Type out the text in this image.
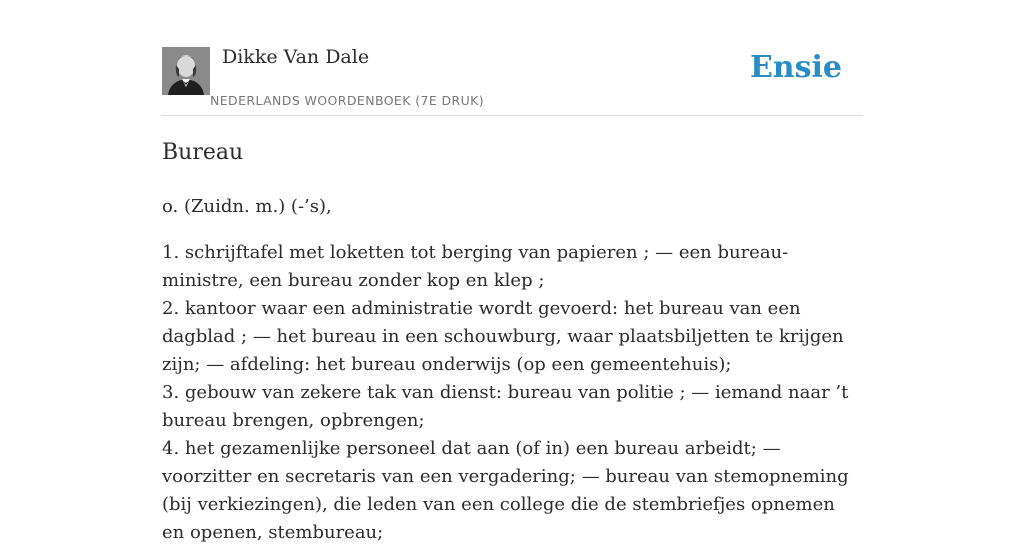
Dikke Van Dale
NEDERLANDS WOORDENBOEK (7E DRUK)
Ensie
Bureau

o. (Zuidn. m.) (-’s),

1. schrijftafel met loketten tot berging van papieren ; — een bureau-ministre, een bureau zonder kop en klep ;

2. kantoor waar een administratie wordt gevoerd: het bureau van een dagblad ; — het bureau in een schouwburg, waar plaatsbiljetten te krijgen zijn; — afdeling: het bureau onderwijs (op een gemeentehuis);

3. gebouw van zekere tak van dienst: bureau van politie ; — iemand naar ’t bureau brengen, opbrengen;

4. het gezamenlijke personeel dat aan (of in) een bureau arbeidt; — voorzitter en secretaris van een vergadering; — bureau van stemopneming (bij verkiezingen), die leden van een college die de stembriefjes opnemen en openen, stembureau;
